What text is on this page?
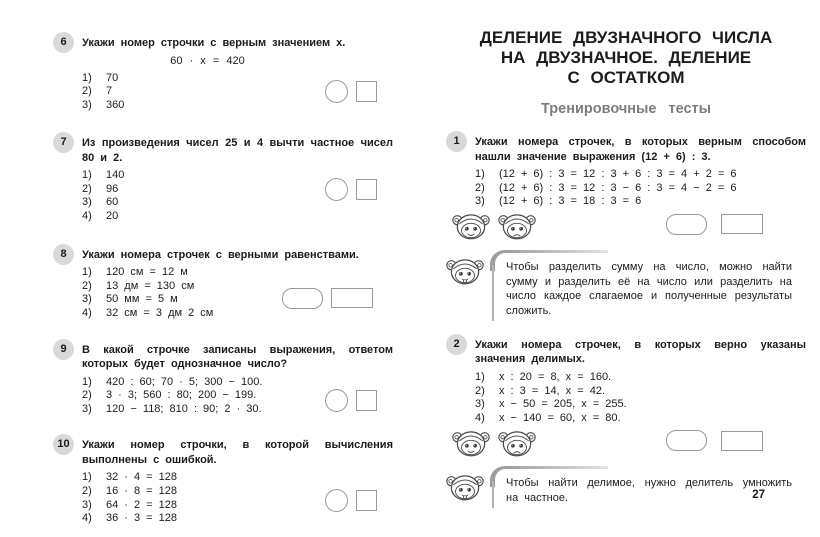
6	Укажи номер строчки с верным значением x.
60 · x = 420
1)	70
2)	7
3)	360
7	Из произведения чисел 25 и 4 вычти частное чисел 80 и 2.
1)	140
2)	96
3)	60
4)	20
8	Укажи номера строчек с верными равенствами.
1)	120 см = 12 м
2)	13 дм = 130 см
3)	50 мм = 5 м
4)	32 см = 3 дм 2 см
9	В какой строчке записаны выражения, ответом которых будет однозначное число?
1)	420 : 60; 70 · 5; 300 − 100.
2)	3 · 3; 560 : 80; 200 − 199.
3)	120 − 118; 810 : 90; 2 · 30.
10	Укажи номер строчки, в которой вычисления выполнены с ошибкой.
1)	32 · 4 = 128
2)	16 · 8 = 128
3)	64 · 2 = 128
4)	36 · 3 = 128
ДЕЛЕНИЕ ДВУЗНАЧНОГО ЧИСЛА
НА ДВУЗНАЧНОЕ. ДЕЛЕНИЕ
С ОСТАТКОМ
Тренировочные тесты
1	Укажи номера строчек, в которых верным способом нашли значение выражения (12 + 6) : 3.
1)	(12 + 6) : 3 = 12 : 3 + 6 : 3 = 4 + 2 = 6
2)	(12 + 6) : 3 = 12 : 3 − 6 : 3 = 4 − 2 = 6
3)	(12 + 6) : 3 = 18 : 3 = 6
Чтобы разделить сумму на число, можно найти сумму и разделить её на число или разделить на число каждое слагаемое и полученные результаты сложить.
2	Укажи номера строчек, в которых верно указаны значения делимых.
1)	x : 20 = 8, x = 160.
2)	x : 3 = 14, x = 42.
3)	x − 50 = 205, x = 255.
4)	x − 140 = 60, x = 80.
Чтобы найти делимое, нужно делитель умножить на частное.	27
